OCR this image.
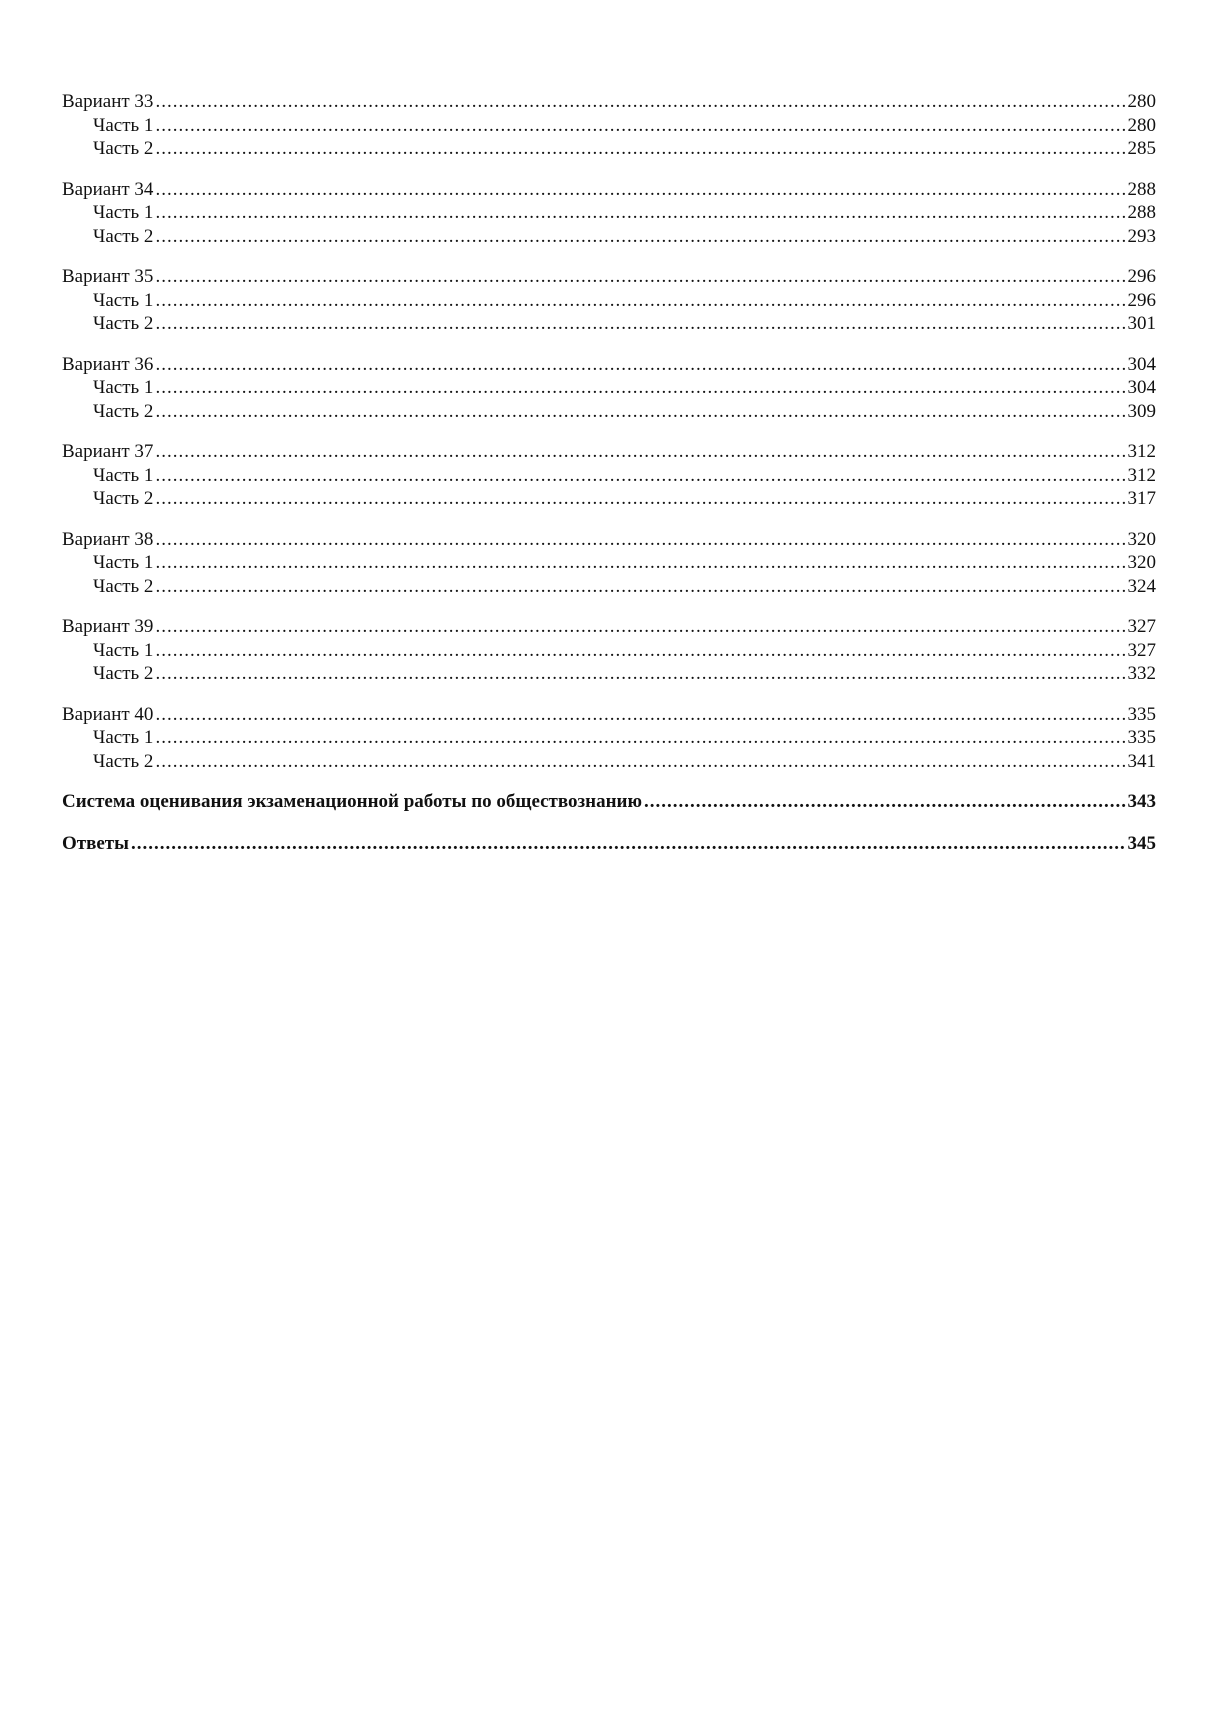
Вариант 33 .....	280
Часть 1 .....	280
Часть 2 .....	285
Вариант 34 .....	288
Часть 1 .....	288
Часть 2 .....	293
Вариант 35 .....	296
Часть 1 .....	296
Часть 2 .....	301
Вариант 36 .....	304
Часть 1 .....	304
Часть 2 .....	309
Вариант 37 .....	312
Часть 1 .....	312
Часть 2 .....	317
Вариант 38 .....	320
Часть 1 .....	320
Часть 2 .....	324
Вариант 39 .....	327
Часть 1 .....	327
Часть 2 .....	332
Вариант 40 .....	335
Часть 1 .....	335
Часть 2 .....	341
Система оценивания экзаменационной работы по обществознанию .....	343
Ответы .....	345
